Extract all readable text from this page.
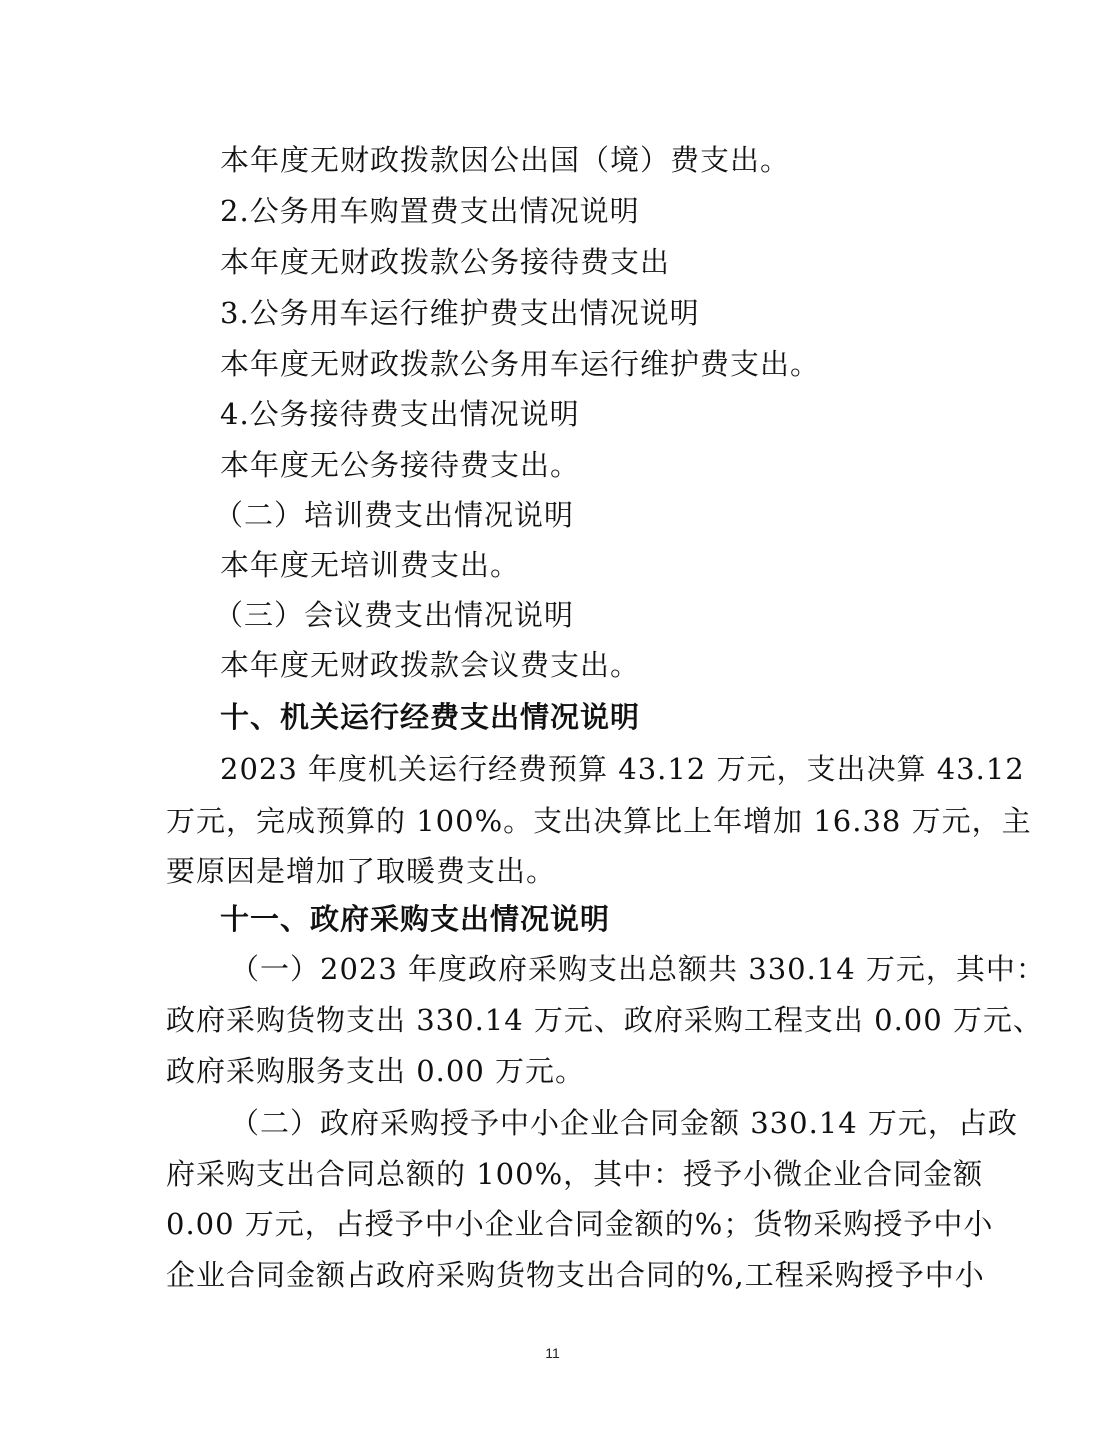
本年度无财政拨款因公出国（境）费支出。
2.公务用车购置费支出情况说明
本年度无财政拨款公务接待费支出
3.公务用车运行维护费支出情况说明
本年度无财政拨款公务用车运行维护费支出。
4.公务接待费支出情况说明
本年度无公务接待费支出。
（二）培训费支出情况说明
本年度无培训费支出。
（三）会议费支出情况说明
本年度无财政拨款会议费支出。
十、机关运行经费支出情况说明
2023 年度机关运行经费预算 43.12 万元，支出决算 43.12
万元，完成预算的 100%。支出决算比上年增加 16.38 万元，主
要原因是增加了取暖费支出。
十一、政府采购支出情况说明
（一）2023 年度政府采购支出总额共 330.14 万元，其中：
政府采购货物支出 330.14 万元、政府采购工程支出 0.00 万元、
政府采购服务支出 0.00 万元。
（二）政府采购授予中小企业合同金额 330.14 万元，占政
府采购支出合同总额的 100%，其中：授予小微企业合同金额
0.00 万元，占授予中小企业合同金额的%；货物采购授予中小
企业合同金额占政府采购货物支出合同的%,工程采购授予中小
11
